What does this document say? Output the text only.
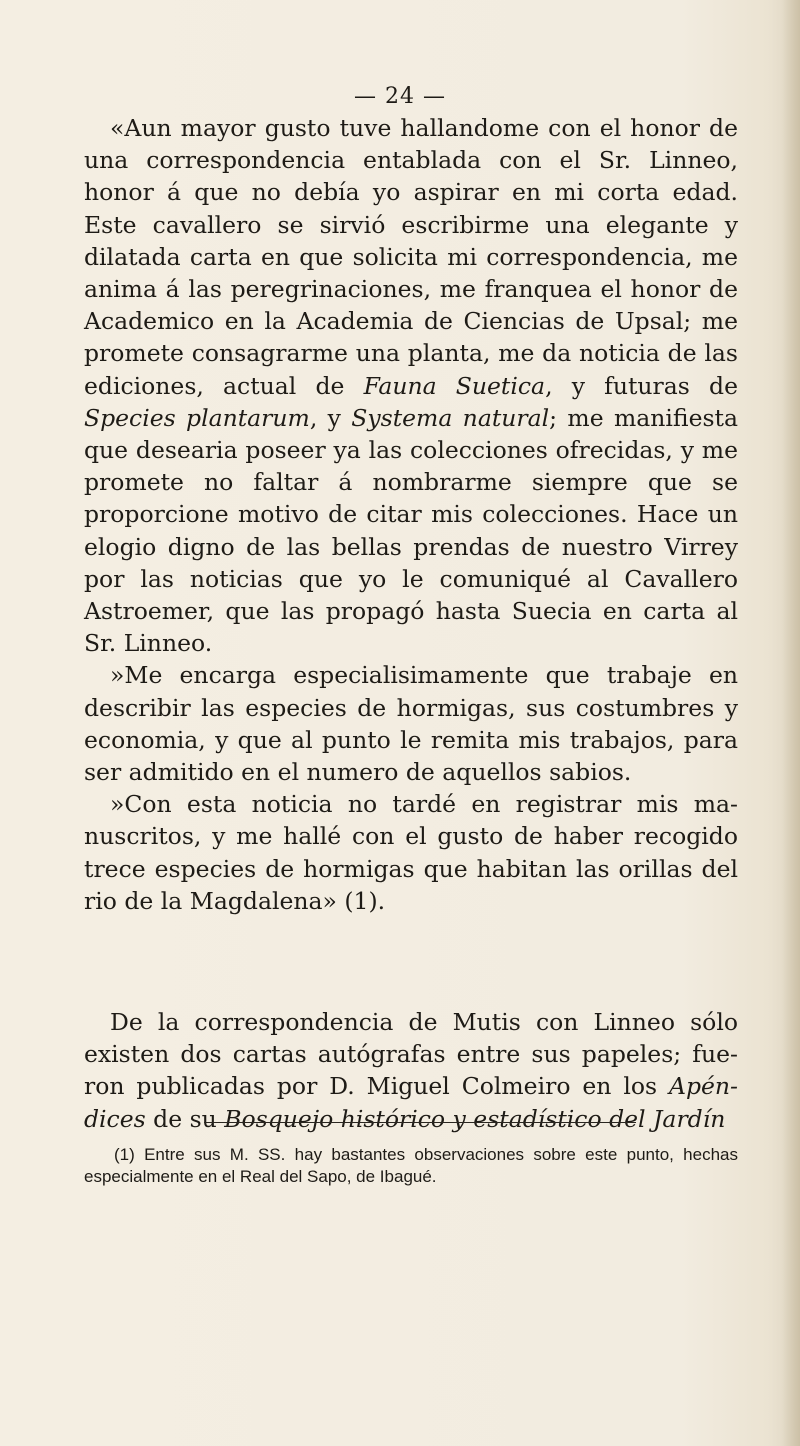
— 24 —

«Aun mayor gusto tuve hallandome con el honor de una correspondencia entablada con el Sr. Linneo, honor á que no debía yo aspirar en mi corta edad. Este cavallero se sirvió escribirme una elegante y dilatada carta en que solicita mi correspondencia, me anima á las peregrinaciones, me franquea el honor de Academico en la Academia de Ciencias de Upsal; me promete consagrarme una planta, me da noticia de las ediciones, actual de Fauna Suetica, y futuras de Species plantarum, y Systema natural; me manifiesta que desearia poseer ya las colecciones ofrecidas, y me promete no faltar á nombrarme siempre que se proporcione motivo de citar mis colecciones. Hace un elogio digno de las bellas prendas de nuestro Virrey por las noticias que yo le comuniqué al Cavallero Astroemer, que las propagó hasta Suecia en carta al Sr. Linneo.

»Me encarga especialisimamente que trabaje en describir las especies de hormigas, sus costumbres y economia, y que al punto le remita mis trabajos, para ser admitido en el numero de aquellos sabios.

»Con esta noticia no tardé en registrar mis ma-nuscritos, y me hallé con el gusto de haber recogido trece especies de hormigas que habitan las orillas del rio de la Magdalena» (1).

De la correspondencia de Mutis con Linneo sólo existen dos cartas autógrafas entre sus papeles; fue-ron publicadas por D. Miguel Colmeiro en los Apén-dices de su Bosquejo histórico y estadístico del Jardín

(1) Entre sus M. SS. hay bastantes observaciones sobre este punto, hechas especialmente en el Real del Sapo, de Ibagué.
